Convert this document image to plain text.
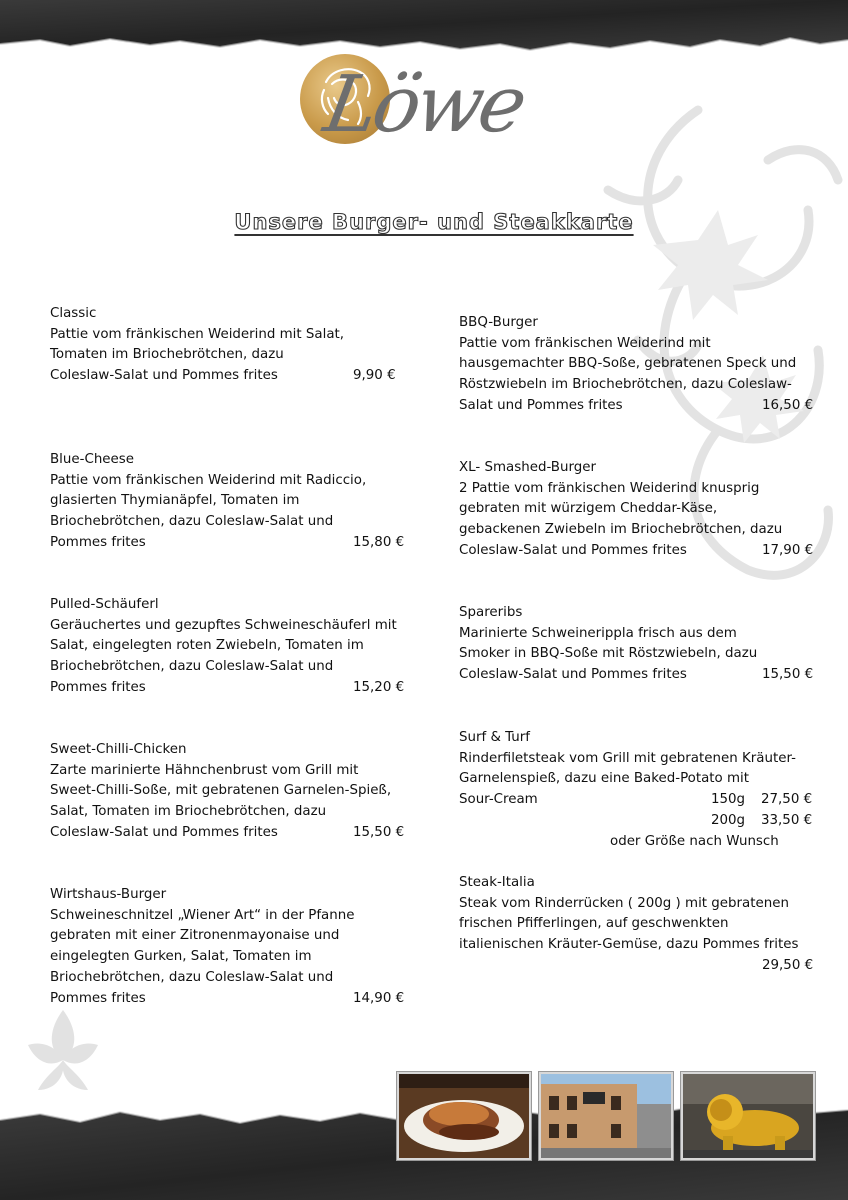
Löwe
Unsere Burger- und Steakkarte
Classic
Pattie vom fränkischen Weiderind mit Salat,
Tomaten im Briochebrötchen, dazu
Coleslaw-Salat und Pommes frites	9,90 €
Blue-Cheese
Pattie vom fränkischen Weiderind mit Radiccio,
glasierten Thymianäpfel, Tomaten im
Briochebrötchen, dazu Coleslaw-Salat und
Pommes frites	15,80 €
Pulled-Schäuferl
Geräuchertes und gezupftes Schweineschäuferl mit
Salat, eingelegten roten Zwiebeln, Tomaten im
Briochebrötchen, dazu Coleslaw-Salat und
Pommes frites	15,20 €
Sweet-Chilli-Chicken
Zarte marinierte Hähnchenbrust vom Grill mit
Sweet-Chilli-Soße, mit gebratenen Garnelen-Spieß,
Salat, Tomaten im Briochebrötchen, dazu
Coleslaw-Salat und Pommes frites	15,50 €
Wirtshaus-Burger
Schweineschnitzel „Wiener Art“ in der Pfanne
gebraten mit einer Zitronenmayonaise und
eingelegten Gurken, Salat, Tomaten im
Briochebrötchen, dazu Coleslaw-Salat und
Pommes frites	14,90 €
BBQ-Burger
Pattie vom fränkischen Weiderind mit
hausgemachter BBQ-Soße, gebratenen Speck und
Röstzwiebeln im Briochebrötchen, dazu Coleslaw-
Salat und Pommes frites	16,50 €
XL- Smashed-Burger
2 Pattie vom fränkischen Weiderind knusprig
gebraten mit würzigem Cheddar-Käse,
gebackenen Zwiebeln im Briochebrötchen, dazu
Coleslaw-Salat und Pommes frites	17,90 €
Spareribs
Marinierte Schweinerippla frisch aus dem
Smoker in BBQ-Soße mit Röstzwiebeln, dazu
Coleslaw-Salat und Pommes frites	15,50 €
Surf & Turf
Rinderfiletsteak vom Grill mit gebratenen Kräuter-
Garnelenspieß, dazu eine Baked-Potato mit
Sour-Cream	150g 27,50 €

200g 33,50 €

oder Größe nach Wunsch
Steak-Italia
Steak vom Rinderrücken ( 200g ) mit gebratenen
frischen Pfifferlingen, auf geschwenkten
italienischen Kräuter-Gemüse, dazu Pommes frites

29,50 €
